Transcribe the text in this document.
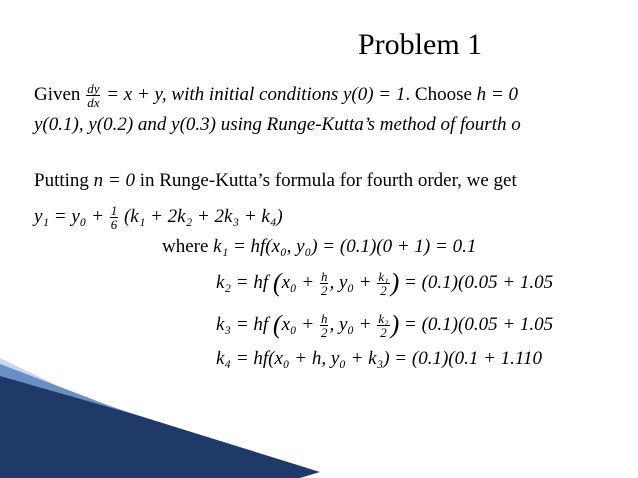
Problem 1
Given $\frac{dy}{dx} = x + y$, with initial conditions y(0) = 1. Choose h = 0
y(0.1), y(0.2) and y(0.3) using Runge-Kutta’s method of fourth o
Putting n = 0 in Runge-Kutta’s formula for fourth order, we get
$y_1 = y_0 + \frac{1}{6} (k_1 + 2k_2 + 2k_3 + k_4)$
where k₁ = hf(x₀, y₀) = (0.1)(0 + 1) = 0.1
k₂ = hf ($x_0 + \frac{h}{2}$ , $y_0 + \frac{\text{k₁}}{2}$ ) = (0.1)(0.05 + 1.05
k₃ = hf ($x_0 + \frac{h}{2}$ , $y_0 + \frac{\text{k₂}}{2}$ ) = (0.1)(0.05 + 1.05
k₄ = hf(x₀ + h, y₀ + k₃) = (0.1)(0.1 + 1.110
